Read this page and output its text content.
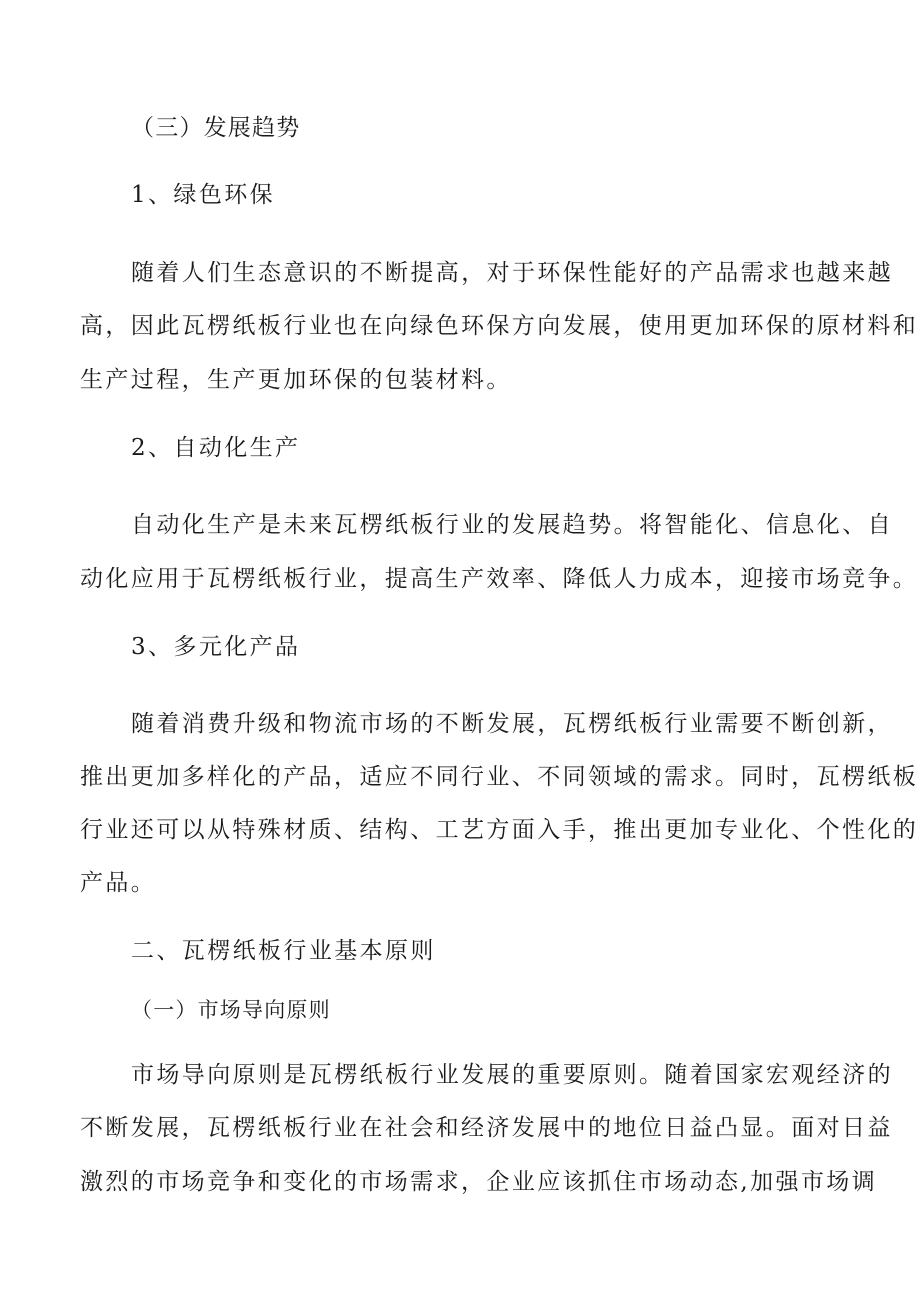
（三）发展趋势
1、绿色环保
随着人们生态意识的不断提高，对于环保性能好的产品需求也越来越
高，因此瓦楞纸板行业也在向绿色环保方向发展，使用更加环保的原材料和
生产过程，生产更加环保的包装材料。
2、自动化生产
自动化生产是未来瓦楞纸板行业的发展趋势。将智能化、信息化、自
动化应用于瓦楞纸板行业，提高生产效率、降低人力成本，迎接市场竞争。
3、多元化产品
随着消费升级和物流市场的不断发展，瓦楞纸板行业需要不断创新，
推出更加多样化的产品，适应不同行业、不同领域的需求。同时，瓦楞纸板
行业还可以从特殊材质、结构、工艺方面入手，推出更加专业化、个性化的
产品。
二、瓦楞纸板行业基本原则
（一）市场导向原则
市场导向原则是瓦楞纸板行业发展的重要原则。随着国家宏观经济的
不断发展，瓦楞纸板行业在社会和经济发展中的地位日益凸显。面对日益
激烈的市场竞争和变化的市场需求，企业应该抓住市场动态,加强市场调
